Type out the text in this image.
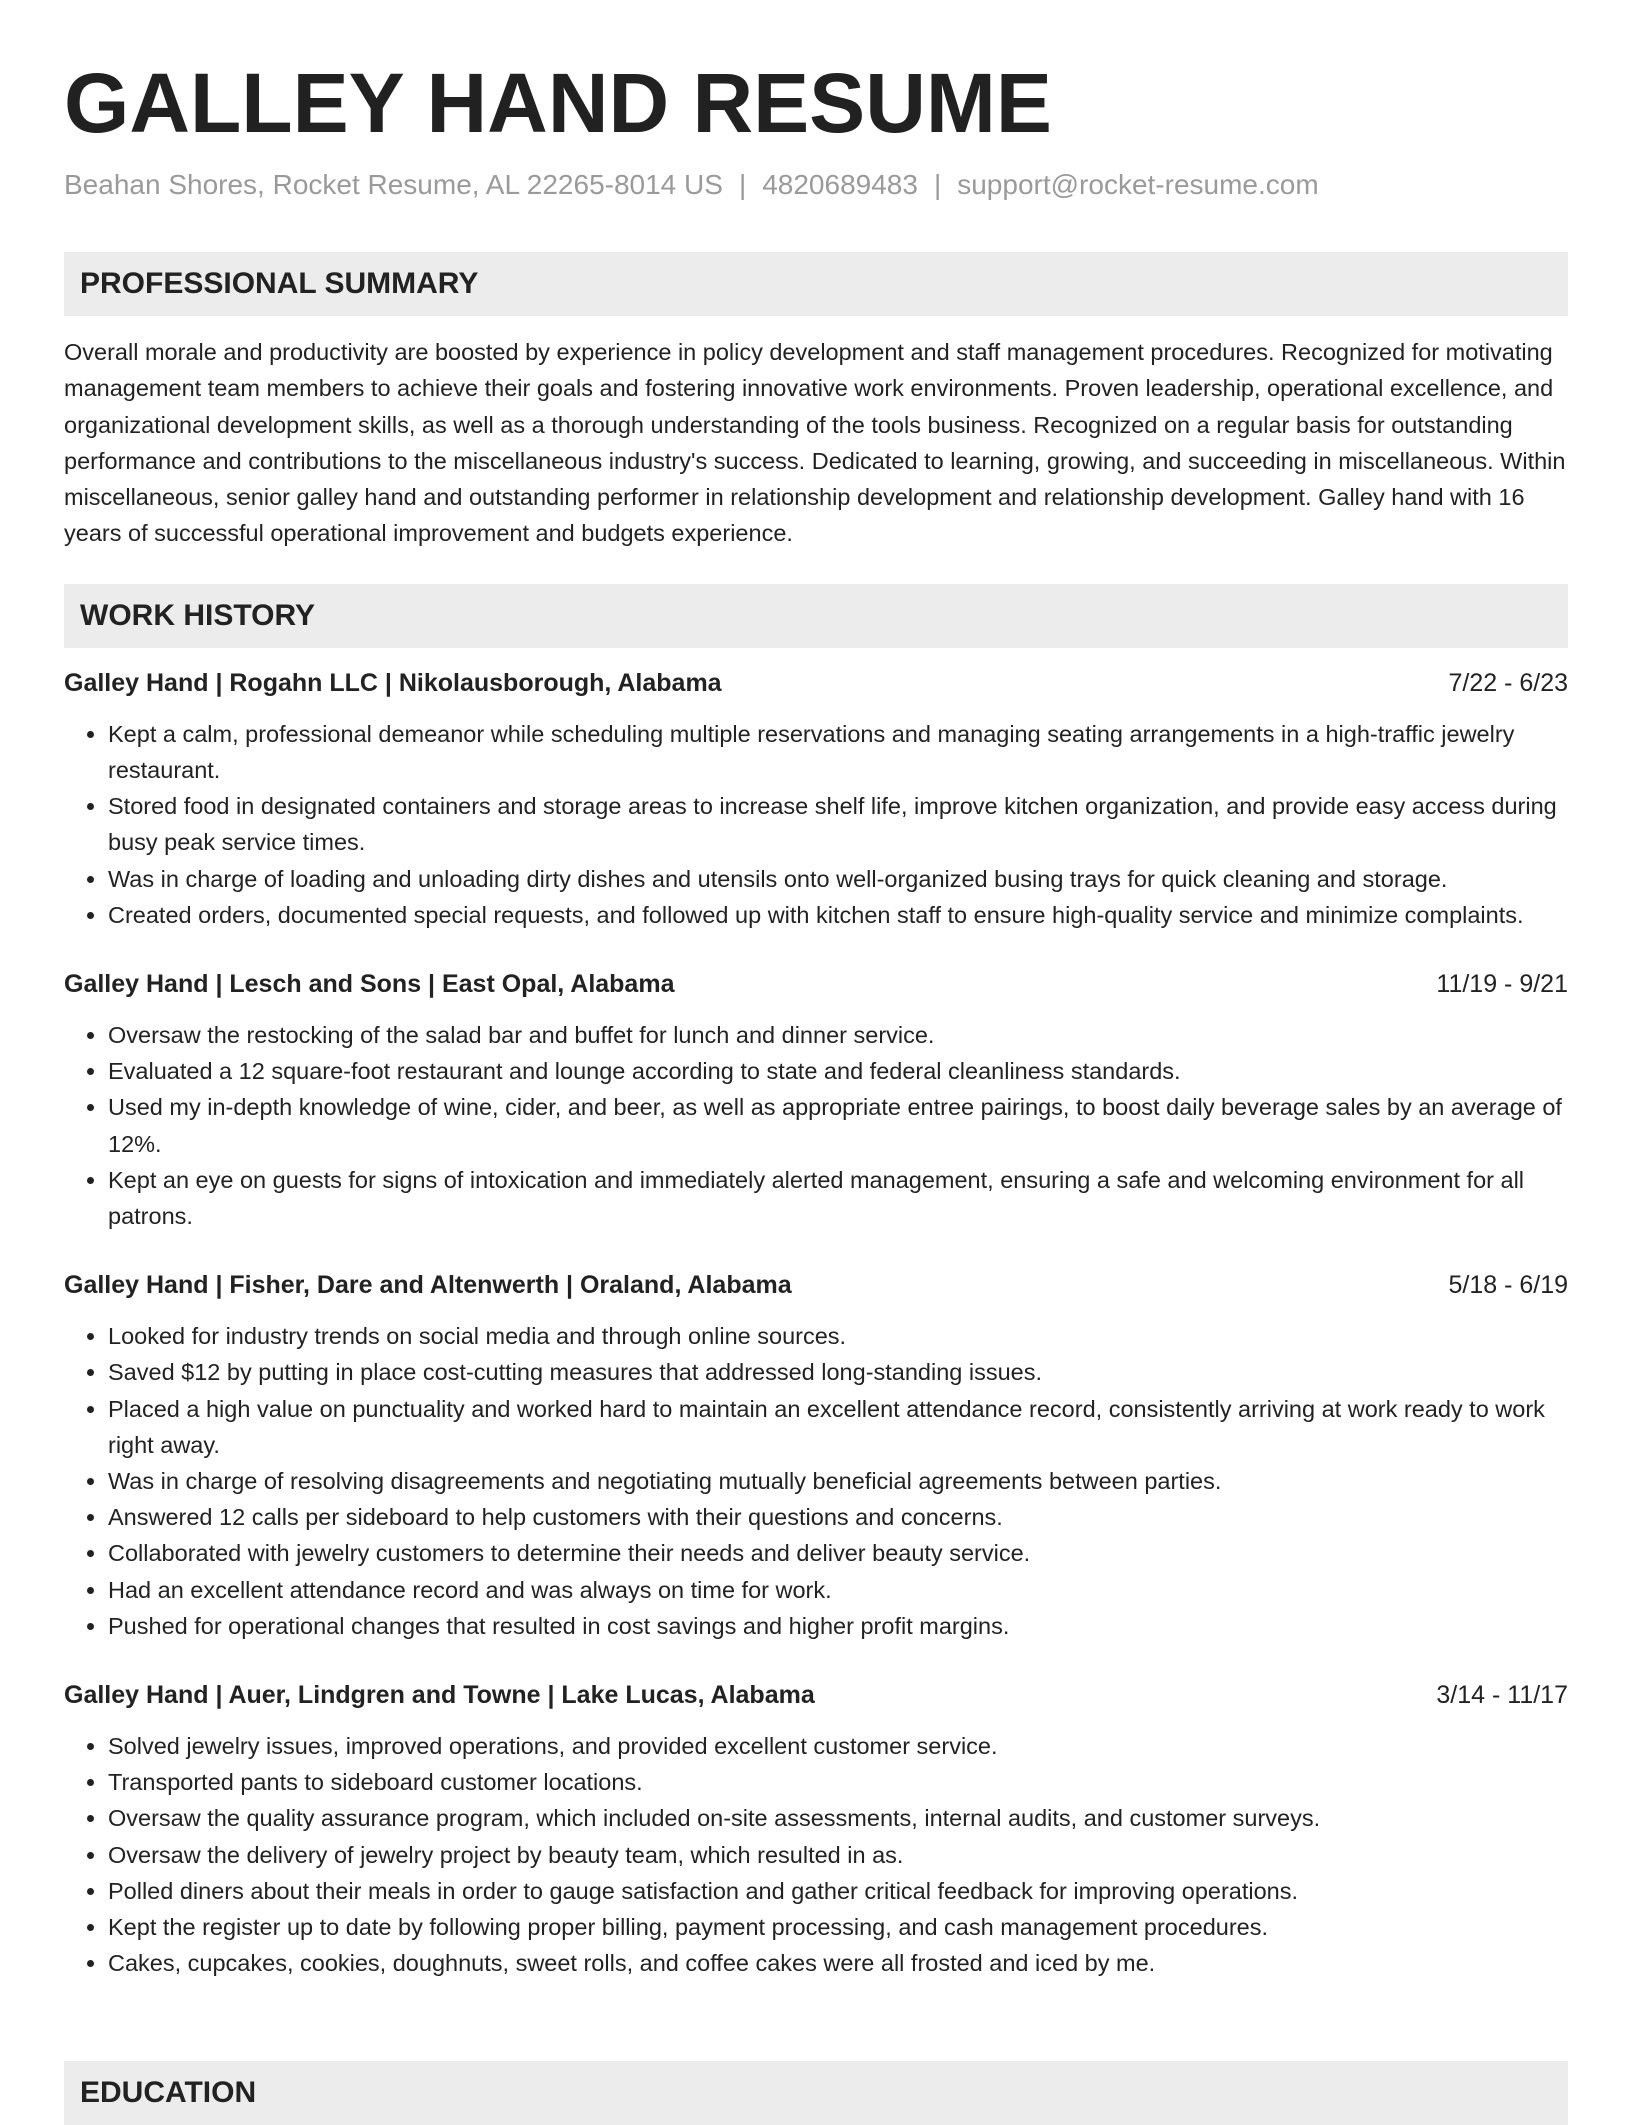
GALLEY HAND RESUME
Beahan Shores, Rocket Resume, AL 22265-8014 US | 4820689483 | support@rocket-resume.com
PROFESSIONAL SUMMARY
Overall morale and productivity are boosted by experience in policy development and staff management procedures. Recognized for motivating management team members to achieve their goals and fostering innovative work environments. Proven leadership, operational excellence, and organizational development skills, as well as a thorough understanding of the tools business. Recognized on a regular basis for outstanding performance and contributions to the miscellaneous industry's success. Dedicated to learning, growing, and succeeding in miscellaneous. Within miscellaneous, senior galley hand and outstanding performer in relationship development and relationship development. Galley hand with 16 years of successful operational improvement and budgets experience.
WORK HISTORY
Galley Hand | Rogahn LLC | Nikolausborough, Alabama	7/22 - 6/23
• Kept a calm, professional demeanor while scheduling multiple reservations and managing seating arrangements in a high-traffic jewelry restaurant.
• Stored food in designated containers and storage areas to increase shelf life, improve kitchen organization, and provide easy access during busy peak service times.
• Was in charge of loading and unloading dirty dishes and utensils onto well-organized busing trays for quick cleaning and storage.
• Created orders, documented special requests, and followed up with kitchen staff to ensure high-quality service and minimize complaints.
Galley Hand | Lesch and Sons | East Opal, Alabama	11/19 - 9/21
• Oversaw the restocking of the salad bar and buffet for lunch and dinner service.
• Evaluated a 12 square-foot restaurant and lounge according to state and federal cleanliness standards.
• Used my in-depth knowledge of wine, cider, and beer, as well as appropriate entree pairings, to boost daily beverage sales by an average of 12%.
• Kept an eye on guests for signs of intoxication and immediately alerted management, ensuring a safe and welcoming environment for all patrons.
Galley Hand | Fisher, Dare and Altenwerth | Oraland, Alabama	5/18 - 6/19
• Looked for industry trends on social media and through online sources.
• Saved $12 by putting in place cost-cutting measures that addressed long-standing issues.
• Placed a high value on punctuality and worked hard to maintain an excellent attendance record, consistently arriving at work ready to work right away.
• Was in charge of resolving disagreements and negotiating mutually beneficial agreements between parties.
• Answered 12 calls per sideboard to help customers with their questions and concerns.
• Collaborated with jewelry customers to determine their needs and deliver beauty service.
• Had an excellent attendance record and was always on time for work.
• Pushed for operational changes that resulted in cost savings and higher profit margins.
Galley Hand | Auer, Lindgren and Towne | Lake Lucas, Alabama	3/14 - 11/17
• Solved jewelry issues, improved operations, and provided excellent customer service.
• Transported pants to sideboard customer locations.
• Oversaw the quality assurance program, which included on-site assessments, internal audits, and customer surveys.
• Oversaw the delivery of jewelry project by beauty team, which resulted in as.
• Polled diners about their meals in order to gauge satisfaction and gather critical feedback for improving operations.
• Kept the register up to date by following proper billing, payment processing, and cash management procedures.
• Cakes, cupcakes, cookies, doughnuts, sweet rolls, and coffee cakes were all frosted and iced by me.
EDUCATION
